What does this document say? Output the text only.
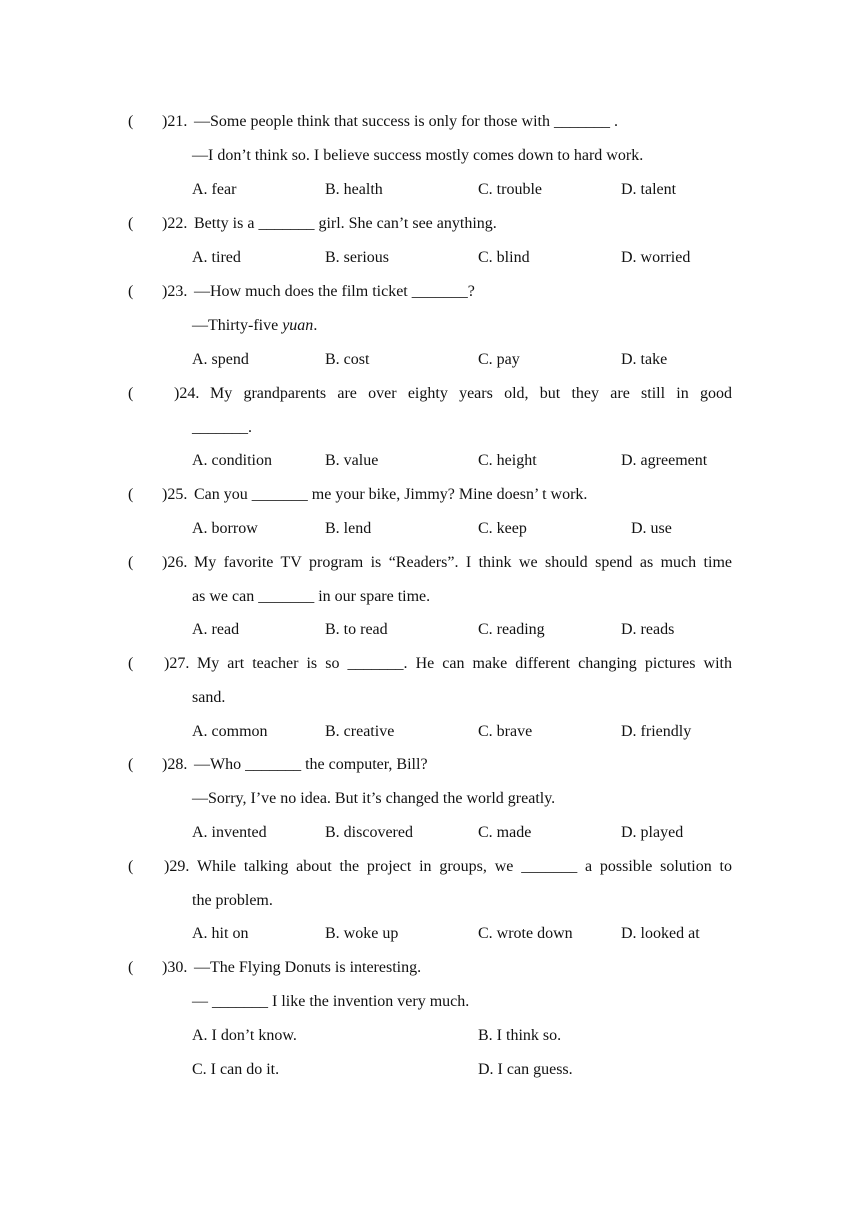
( )21. —Some people think that success is only for those with _______ .
—I don’t think so. I believe success mostly comes down to hard work.
A. fear	B. health	C. trouble	D. talent
( )22. Betty is a _______ girl. She can’t see anything.
A. tired	B. serious	C. blind	D. worried
( )23. —How much does the film ticket _______?
—Thirty-five yuan.
A. spend	B. cost	C. pay	D. take
(	)24. My grandparents are over eighty years old, but they are still in good
_______.
A. condition	B. value	C. height	D. agreement
( )25. Can you _______ me your bike, Jimmy? Mine doesn’ t work.
A. borrow	B. lend	C. keep	D. use
( )26. My favorite TV program is “Readers”. I think we should spend as much time
as we can _______ in our spare time.
A. read	B. to read	C. reading	D. reads
( )27. My art teacher is so _______. He can make different changing pictures with
sand.
A. common	B. creative	C. brave	D. friendly
( )28. —Who _______ the computer, Bill?
—Sorry, I’ve no idea. But it’s changed the world greatly.
A. invented	B. discovered	C. made	D. played
( )29. While talking about the project in groups, we _______ a possible solution to
the problem.
A. hit on	B. woke up	C. wrote down	D. looked at
( )30. —The Flying Donuts is interesting.
— _______ I like the invention very much.
A. I don’t know.	B. I think so.
C. I can do it.	D. I can guess.
